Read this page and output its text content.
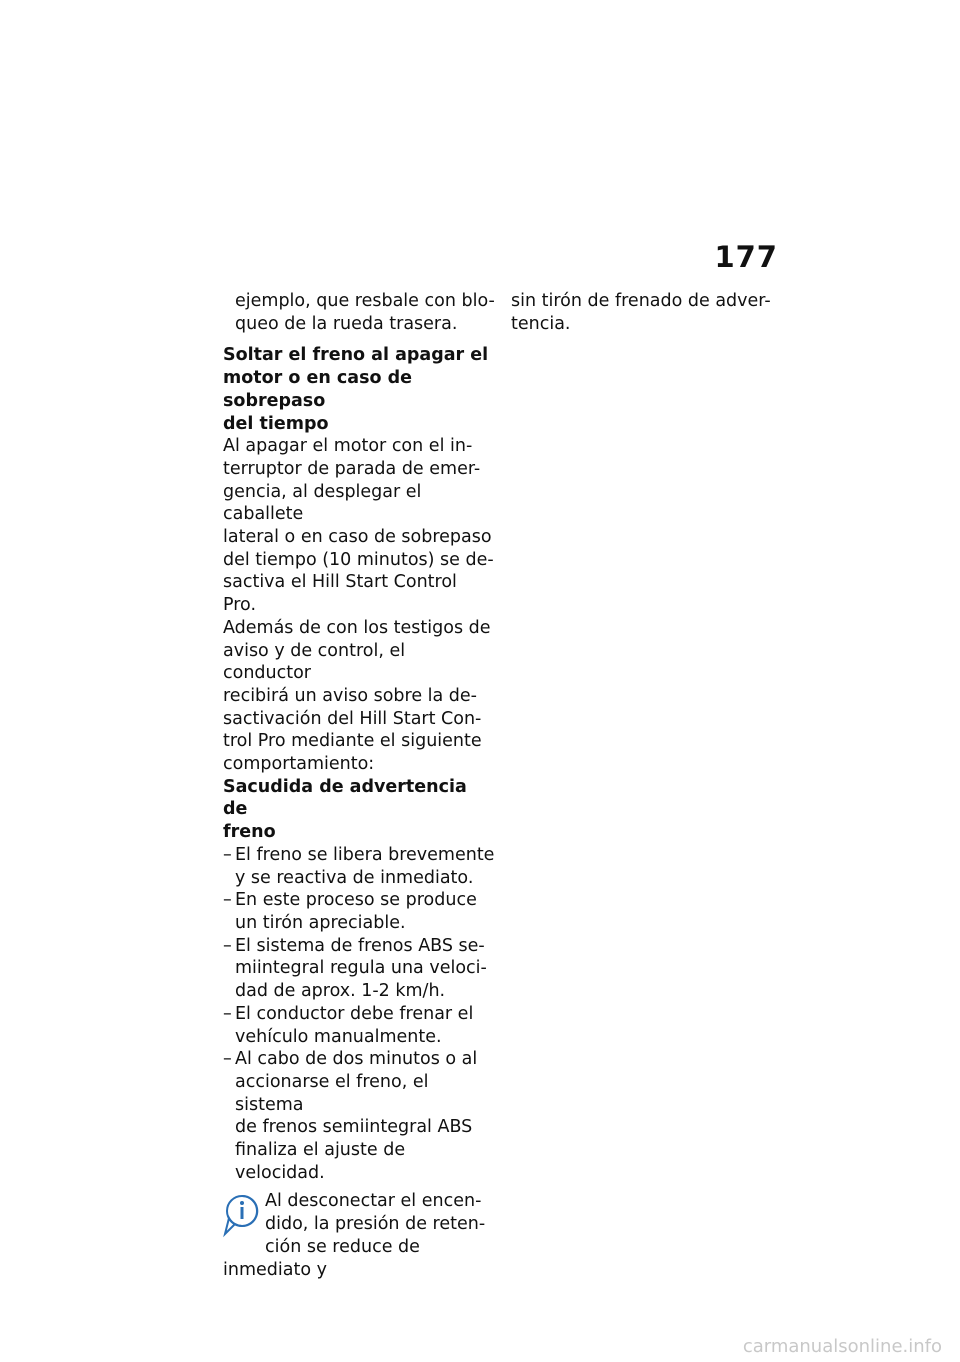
177

ejemplo, que resbale con blo-
queo de la rueda trasera.

Soltar el freno al apagar el
motor o en caso de sobrepaso
del tiempo

Al apagar el motor con el in-
terruptor de parada de emer-
gencia, al desplegar el caballete
lateral o en caso de sobrepaso
del tiempo (10 minutos) se de-
sactiva el Hill Start Control Pro.
Además de con los testigos de
aviso y de control, el conductor
recibirá un aviso sobre la de-
sactivación del Hill Start Con-
trol Pro mediante el siguiente
comportamiento:

Sacudida de advertencia de
freno

– El freno se libera brevemente
y se reactiva de inmediato.
– En este proceso se produce
un tirón apreciable.
– El sistema de frenos ABS se-
miintegral regula una veloci-
dad de aprox. 1-2 km/h.
– El conductor debe frenar el
vehículo manualmente.
– Al cabo de dos minutos o al
accionarse el freno, el sistema
de frenos semiintegral ABS
finaliza el ajuste de velocidad.
Al desconectar el encen-
dido, la presión de reten-
ción se reduce de inmediato y

sin tirón de frenado de adver-
tencia.

carmanualsonline.info
